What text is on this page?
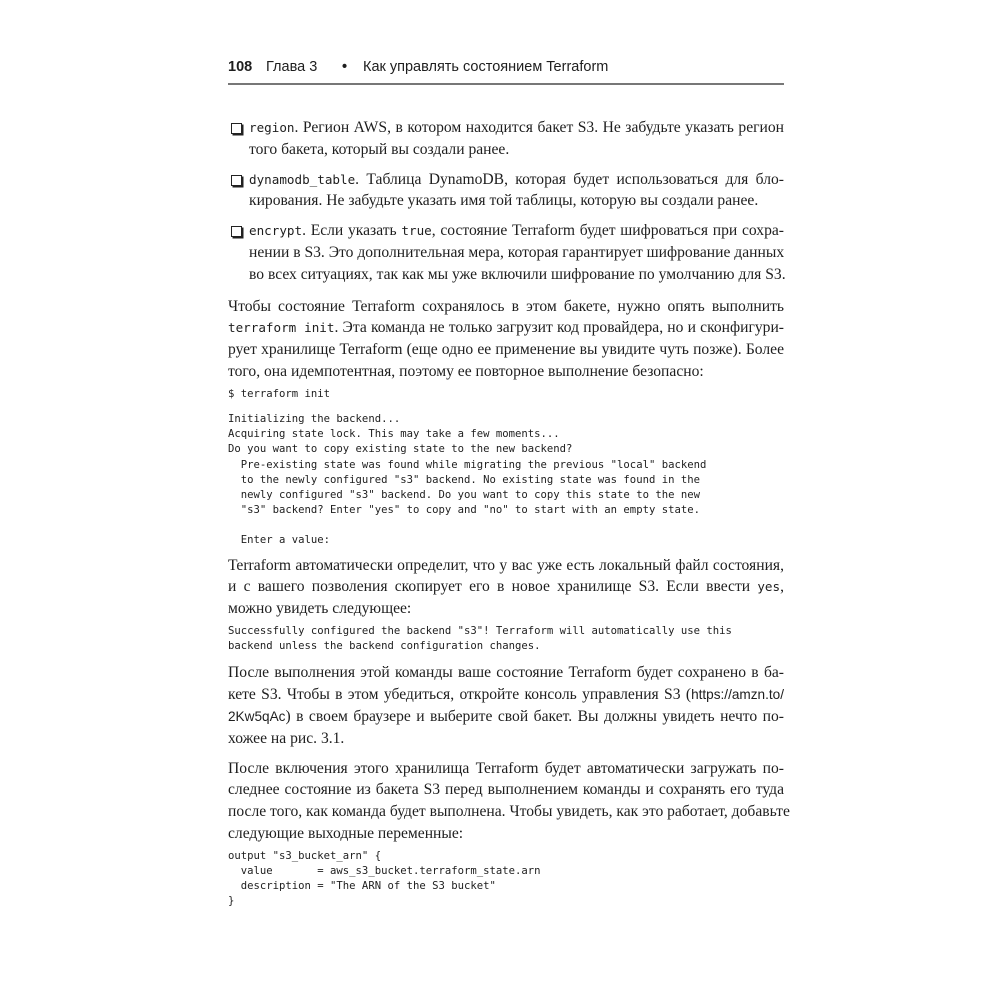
108

Глава 3

•

Как управлять состоянием Terraform

region. Регион AWS, в котором находится бакет S3. Не забудьте указать регион
того бакета, который вы создали ранее.
dynamodb_table. Таблица DynamoDB, которая будет использоваться для бло-
кирования. Не забудьте указать имя той таблицы, которую вы создали ранее.
encrypt. Если указать true, состояние Terraform будет шифроваться при сохра-
нении в S3. Это дополнительная мера, которая гарантирует шифрование данных
во всех ситуациях, так как мы уже включили шифрование по умолчанию для S3.
Чтобы состояние Terraform сохранялось в этом бакете, нужно опять выполнить
terraform init. Эта команда не только загрузит код провайдера, но и сконфигури-
рует хранилище Terraform (еще одно ее применение вы увидите чуть позже). Более
того, она идемпотентная, поэтому ее повторное выполнение безопасно:
$ terraform init
Initializing the backend...
Acquiring state lock. This may take a few moments...
Do you want to copy existing state to the new backend?
Pre-existing state was found while migrating the previous "local" backend
to the newly configured "s3" backend. No existing state was found in the
newly configured "s3" backend. Do you want to copy this state to the new
"s3" backend? Enter "yes" to copy and "no" to start with an empty state.
Enter a value:
Terraform автоматически определит, что у вас уже есть локальный файл состояния,
и с вашего позволения скопирует его в новое хранилище S3. Если ввести yes,
можно увидеть следующее:
Successfully configured the backend "s3"! Terraform will automatically use this
backend unless the backend configuration changes.
После выполнения этой команды ваше состояние Terraform будет сохранено в ба-
кете S3. Чтобы в этом убедиться, откройте консоль управления S3 (https://amzn.to/
2Kw5qAc) в своем браузере и выберите свой бакет. Вы должны увидеть нечто по-
хожее на рис. 3.1.
После включения этого хранилища Terraform будет автоматически загружать по-
следнее состояние из бакета S3 перед выполнением команды и сохранять его туда
после того, как команда будет выполнена. Чтобы увидеть, как это работает, добавьте
следующие выходные переменные:
output "s3_bucket_arn" {
value       = aws_s3_bucket.terraform_state.arn
description = "The ARN of the S3 bucket"
}
